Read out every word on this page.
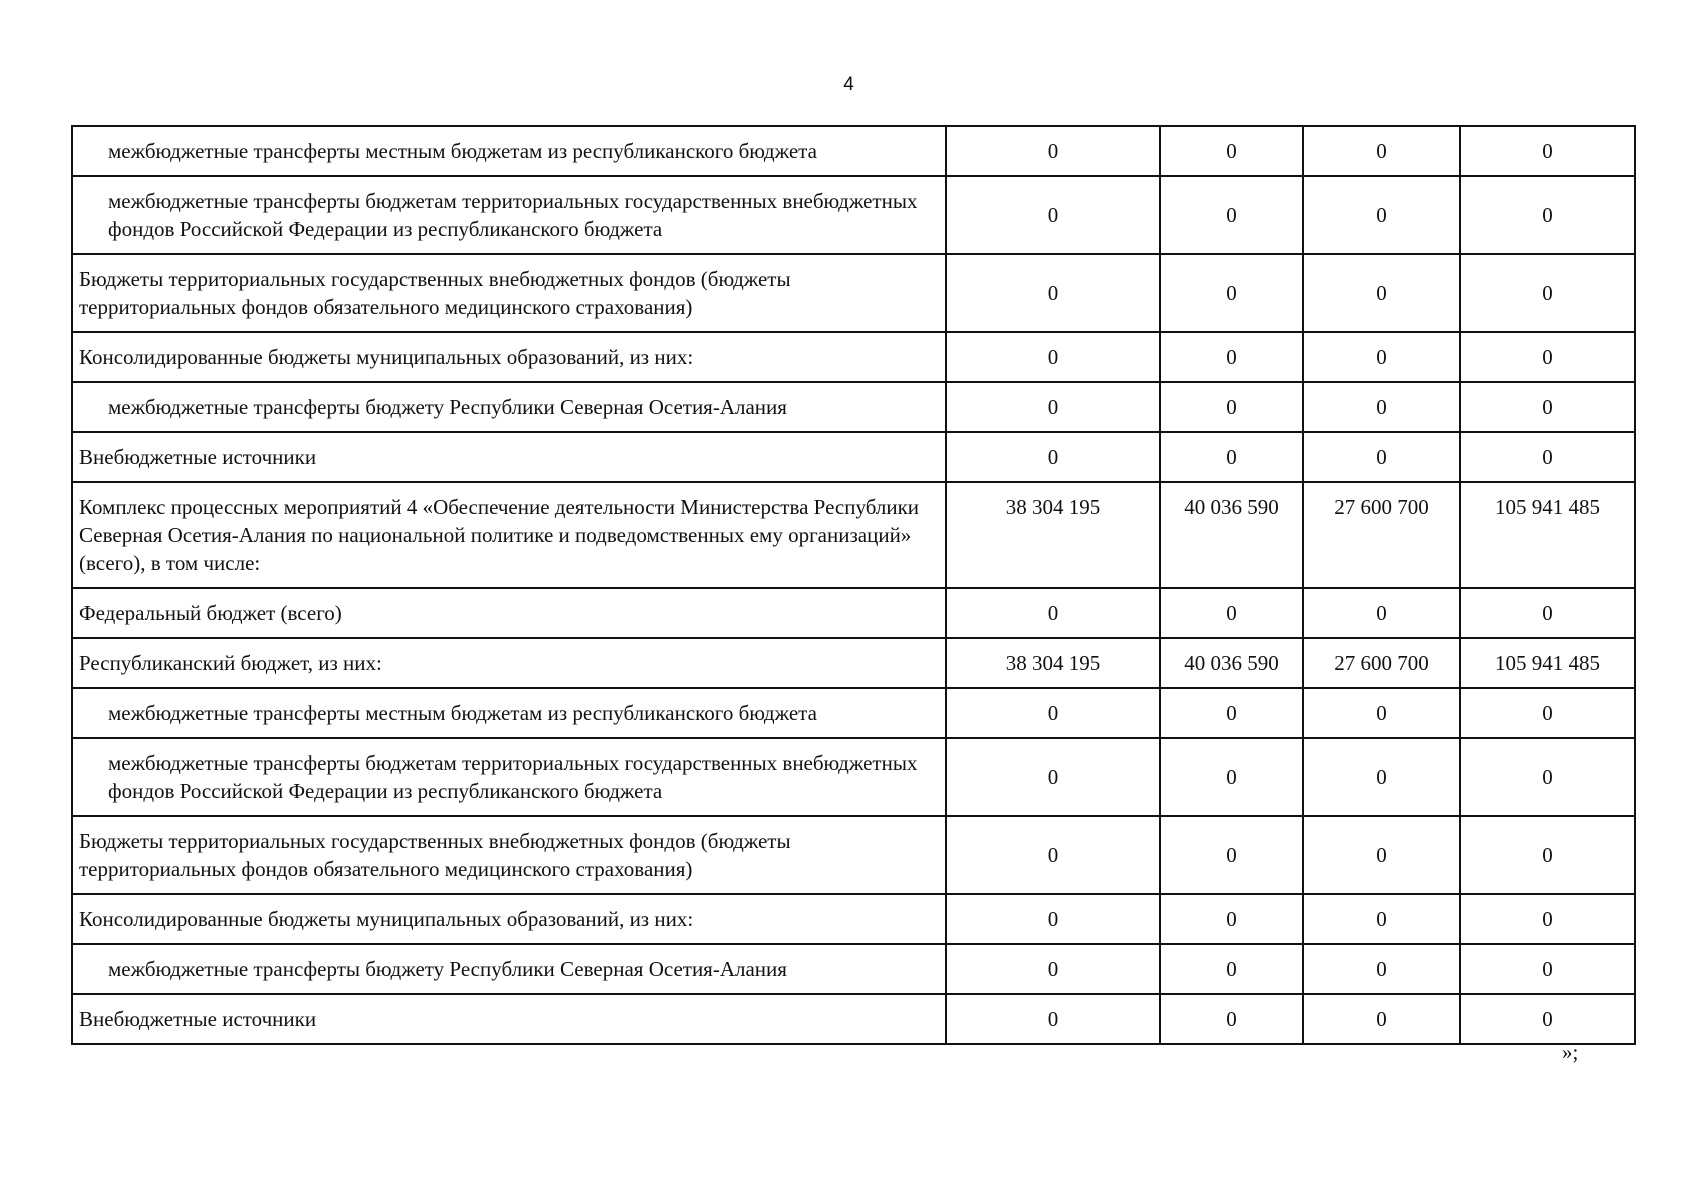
4
межбюджетные трансферты местным бюджетам из республиканского бюджета	0	0	0	0
межбюджетные трансферты бюджетам территориальных государственных внебюджетных фондов Российской Федерации из республиканского бюджета	0	0	0	0
Бюджеты территориальных государственных внебюджетных фондов (бюджеты территориальных фондов обязательного медицинского страхования)	0	0	0	0
Консолидированные бюджеты муниципальных образований, из них:	0	0	0	0
межбюджетные трансферты бюджету Республики Северная Осетия-Алания	0	0	0	0
Внебюджетные источники	0	0	0	0
Комплекс процессных мероприятий 4 «Обеспечение деятельности Министерства Республики Северная Осетия-Алания по национальной политике и подведомственных ему организаций» (всего), в том числе:	38 304 195	40 036 590	27 600 700	105 941 485
Федеральный бюджет (всего)	0	0	0	0
Республиканский бюджет, из них:	38 304 195	40 036 590	27 600 700	105 941 485
межбюджетные трансферты местным бюджетам из республиканского бюджета	0	0	0	0
межбюджетные трансферты бюджетам территориальных государственных внебюджетных фондов Российской Федерации из республиканского бюджета	0	0	0	0
Бюджеты территориальных государственных внебюджетных фондов (бюджеты территориальных фондов обязательного медицинского страхования)	0	0	0	0
Консолидированные бюджеты муниципальных образований, из них:	0	0	0	0
межбюджетные трансферты бюджету Республики Северная Осетия-Алания	0	0	0	0
Внебюджетные источники	0	0	0	0
»;
